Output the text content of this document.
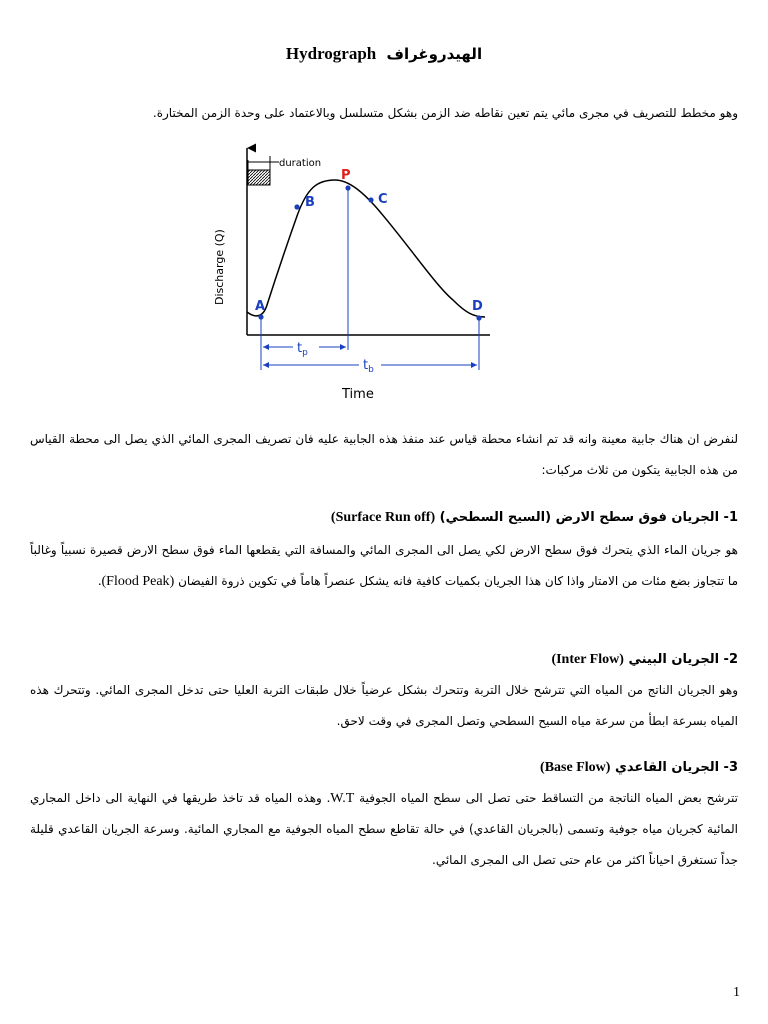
Hydrograph الهيدروغراف
وهو مخطط للتصريف في مجرى مائي يتم تعين نقاطه ضد الزمن بشكل متسلسل وبالاعتماد على وحدة الزمن المختارة.
duration
$t_p$
$t_b$
A
B
P
C
D
Discharge (Q)
Time
لنفرض ان هناك جابية معينة وانه قد تم انشاء محطة قياس عند منفذ هذه الجابية عليه فان تصريف المجرى المائي الذي يصل الى محطة القياس من هذه الجابية يتكون من ثلاث مركبات:
1- الجريان فوق سطح الارض (السيح السطحي) (Surface Run off)
هو جريان الماء الذي يتحرك فوق سطح الارض لكي يصل الى المجرى المائي والمسافة التي يقطعها الماء فوق سطح الارض قصيرة نسبياً وغالباً ما تتجاوز بضع مئات من الامتار واذا كان هذا الجريان بكميات كافية فانه يشكل عنصراً هاماً في تكوين ذروة الفيضان (Flood Peak).
2- الجريان البيني (Inter Flow)
وهو الجريان الناتج من المياه التي تترشح خلال التربة وتتحرك بشكل عرضياً خلال طبقات التربة العليا حتى تدخل المجرى المائي. وتتحرك هذه المياه بسرعة ابطأ من سرعة مياه السيح السطحي وتصل المجرى في وقت لاحق.
3- الجريان القاعدي (Base Flow)
تترشح بعض المياه الناتجة من التساقط حتى تصل الى سطح المياه الجوفية W.T. وهذه المياه قد تاخذ طريقها في النهاية الى داخل المجاري المائية كجريان مياه جوفية وتسمى (بالجريان القاعدي) في حالة تقاطع سطح المياه الجوفية مع المجاري المائية. وسرعة الجريان القاعدي قليلة جداً تستغرق احياناً اكثر من عام حتى تصل الى المجرى المائي.
1
